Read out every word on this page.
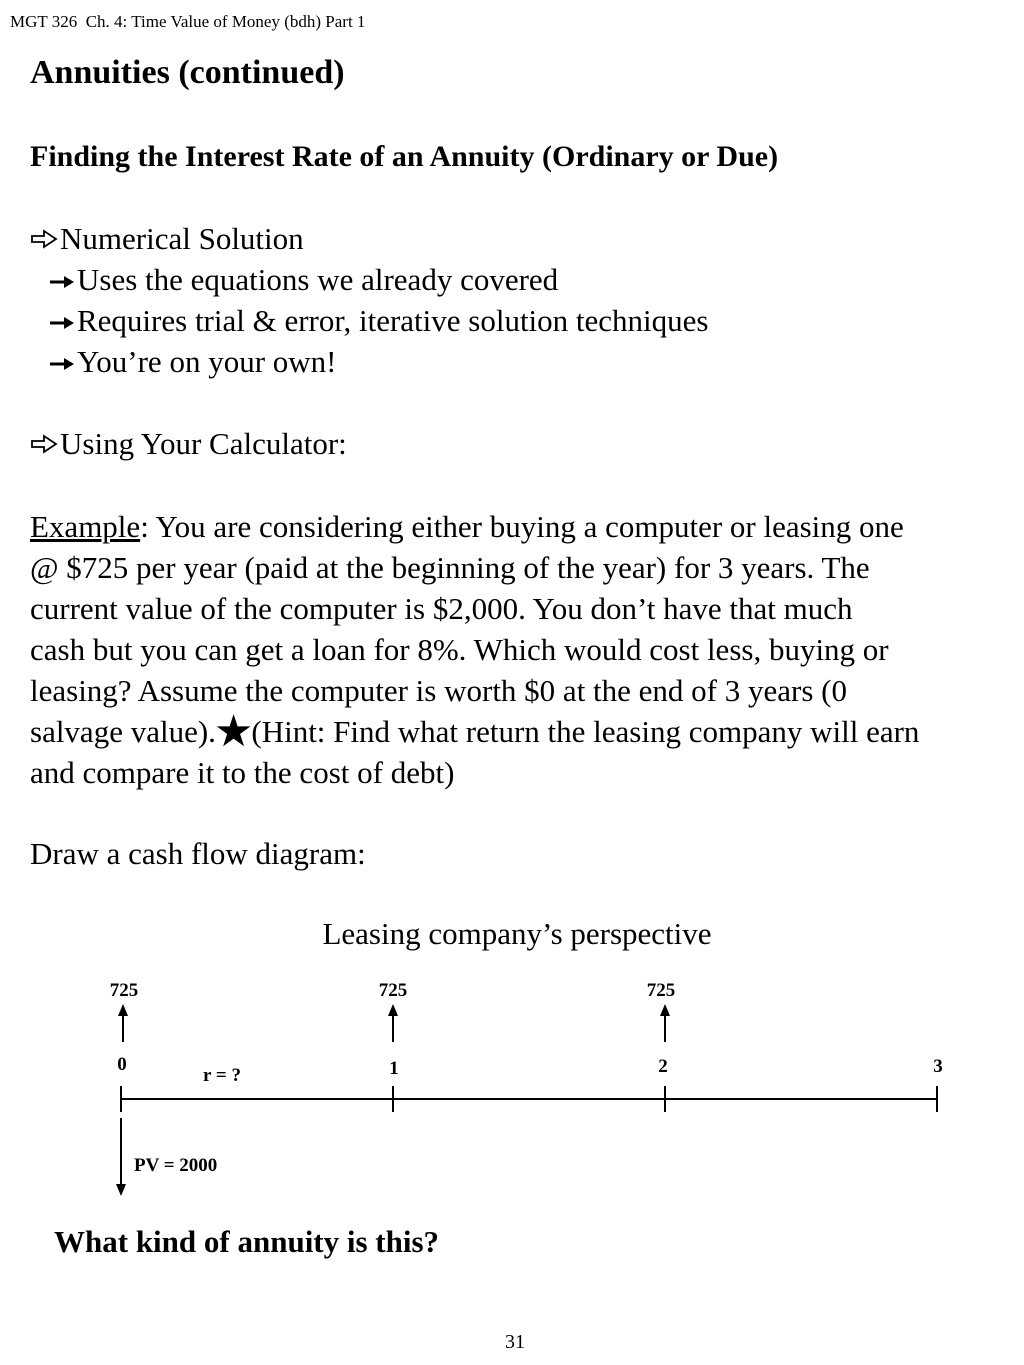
MGT 326  Ch. 4: Time Value of Money (bdh) Part 1
Annuities (continued)
Finding the Interest Rate of an Annuity (Ordinary or Due)
Numerical Solution
Uses the equations we already covered
Requires trial & error, iterative solution techniques
You’re on your own!
Using Your Calculator:
Example: You are considering either buying a computer or leasing one
@ $725 per year (paid at the beginning of the year) for 3 years. The
current value of the computer is $2,000. You don’t have that much
cash but you can get a loan for 8%. Which would cost less, buying or
leasing? Assume the computer is worth $0 at the end of 3 years (0
salvage value).★(Hint: Find what return the leasing company will earn
and compare it to the cost of debt)
Draw a cash flow diagram:
Leasing company’s perspective
725	725	725
0	1	2	3
r = ?
PV = 2000
What kind of annuity is this?
31
